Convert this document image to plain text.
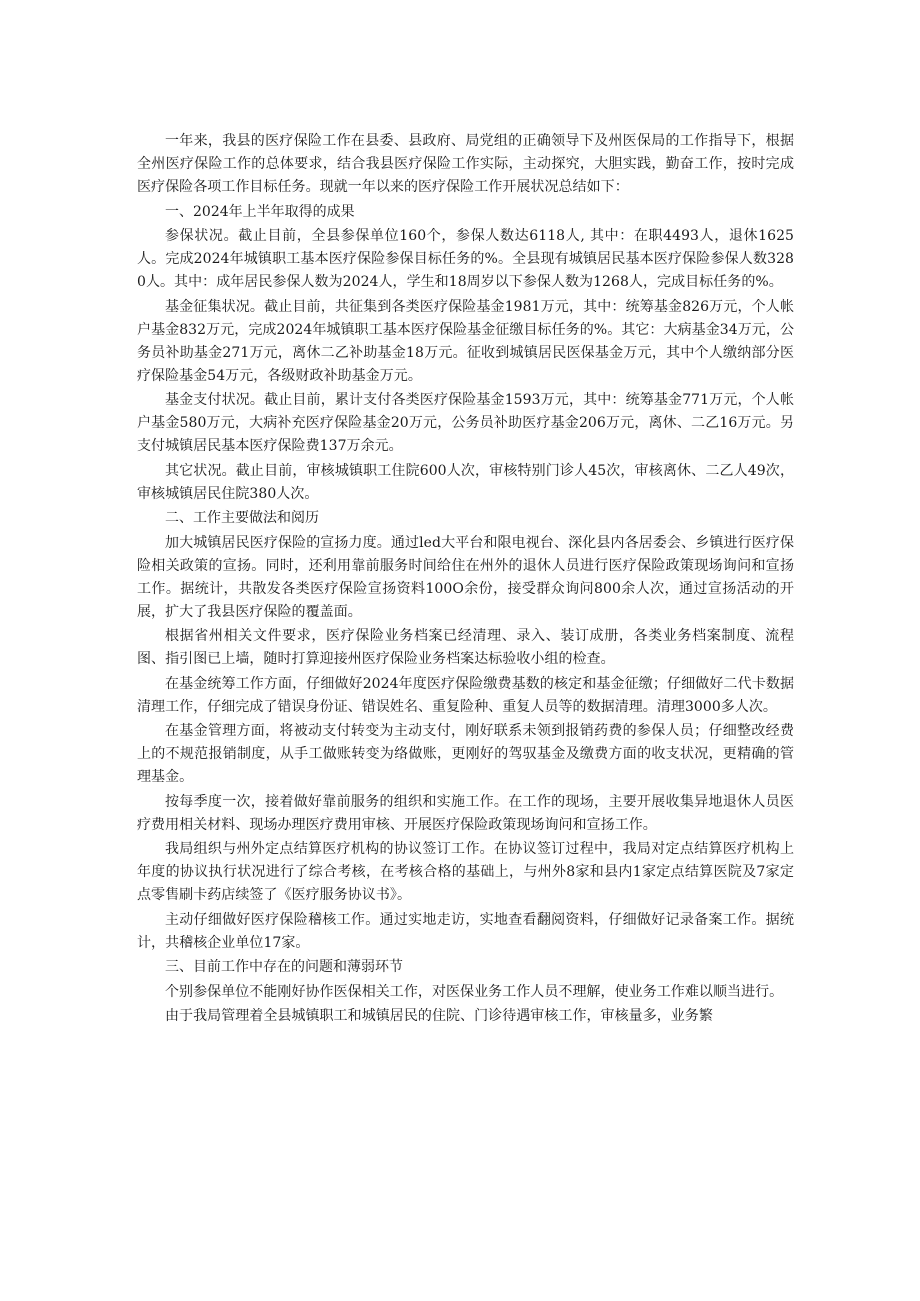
一年来，我县的医疗保险工作在县委、县政府、局党组的正确领导下及州医保局的工作指导下，根据全州医疗保险工作的总体要求，结合我县医疗保险工作实际，主动探究，大胆实践，勤奋工作，按时完成医疗保险各项工作目标任务。现就一年以来的医疗保险工作开展状况总结如下：

一、2024年上半年取得的成果

参保状况。截止目前，全县参保单位160个，参保人数达6118人, 其中：在职4493人，退休1625人。完成2024年城镇职工基本医疗保险参保目标任务的%。全县现有城镇居民基本医疗保险参保人数3280人。其中：成年居民参保人数为2024人，学生和18周岁以下参保人数为1268人，完成目标任务的%。

基金征集状况。截止目前，共征集到各类医疗保险基金1981万元，其中：统筹基金826万元，个人帐户基金832万元，完成2024年城镇职工基本医疗保险基金征缴目标任务的%。其它：大病基金34万元，公务员补助基金271万元，离休二乙补助基金18万元。征收到城镇居民医保基金万元，其中个人缴纳部分医疗保险基金54万元，各级财政补助基金万元。

基金支付状况。截止目前，累计支付各类医疗保险基金1593万元，其中：统筹基金771万元，个人帐户基金580万元，大病补充医疗保险基金20万元，公务员补助医疗基金206万元，离休、二乙16万元。另支付城镇居民基本医疗保险费137万余元。

其它状况。截止目前，审核城镇职工住院600人次，审核特别门诊人45次，审核离休、二乙人49次，审核城镇居民住院380人次。

二、工作主要做法和阅历

加大城镇居民医疗保险的宣扬力度。通过led大平台和限电视台、深化县内各居委会、乡镇进行医疗保险相关政策的宣扬。同时，还利用靠前服务时间给住在州外的退休人员进行医疗保险政策现场询问和宣扬工作。据统计，共散发各类医疗保险宣扬资料100O余份，接受群众询问800余人次，通过宣扬活动的开展，扩大了我县医疗保险的覆盖面。

根据省州相关文件要求，医疗保险业务档案已经清理、录入、装订成册，各类业务档案制度、流程图、指引图已上墙，随时打算迎接州医疗保险业务档案达标验收小组的检查。

在基金统筹工作方面，仔细做好2024年度医疗保险缴费基数的核定和基金征缴；仔细做好二代卡数据清理工作，仔细完成了错误身份证、错误姓名、重复险种、重复人员等的数据清理。清理3000多人次。

在基金管理方面，将被动支付转变为主动支付，刚好联系未领到报销药费的参保人员；仔细整改经费上的不规范报销制度，从手工做账转变为络做账，更刚好的驾驭基金及缴费方面的收支状况，更精确的管理基金。

按每季度一次，接着做好靠前服务的组织和实施工作。在工作的现场，主要开展收集异地退休人员医疗费用相关材料、现场办理医疗费用审核、开展医疗保险政策现场询问和宣扬工作。

我局组织与州外定点结算医疗机构的协议签订工作。在协议签订过程中，我局对定点结算医疗机构上年度的协议执行状况进行了综合考核，在考核合格的基础上，与州外8家和县内1家定点结算医院及7家定点零售刷卡药店续签了《医疗服务协议书》。

主动仔细做好医疗保险稽核工作。通过实地走访，实地查看翻阅资料，仔细做好记录备案工作。据统计，共稽核企业单位17家。

三、目前工作中存在的问题和薄弱环节

个别参保单位不能刚好协作医保相关工作，对医保业务工作人员不理解，使业务工作难以顺当进行。

由于我局管理着全县城镇职工和城镇居民的住院、门诊待遇审核工作，审核量多，业务繁
